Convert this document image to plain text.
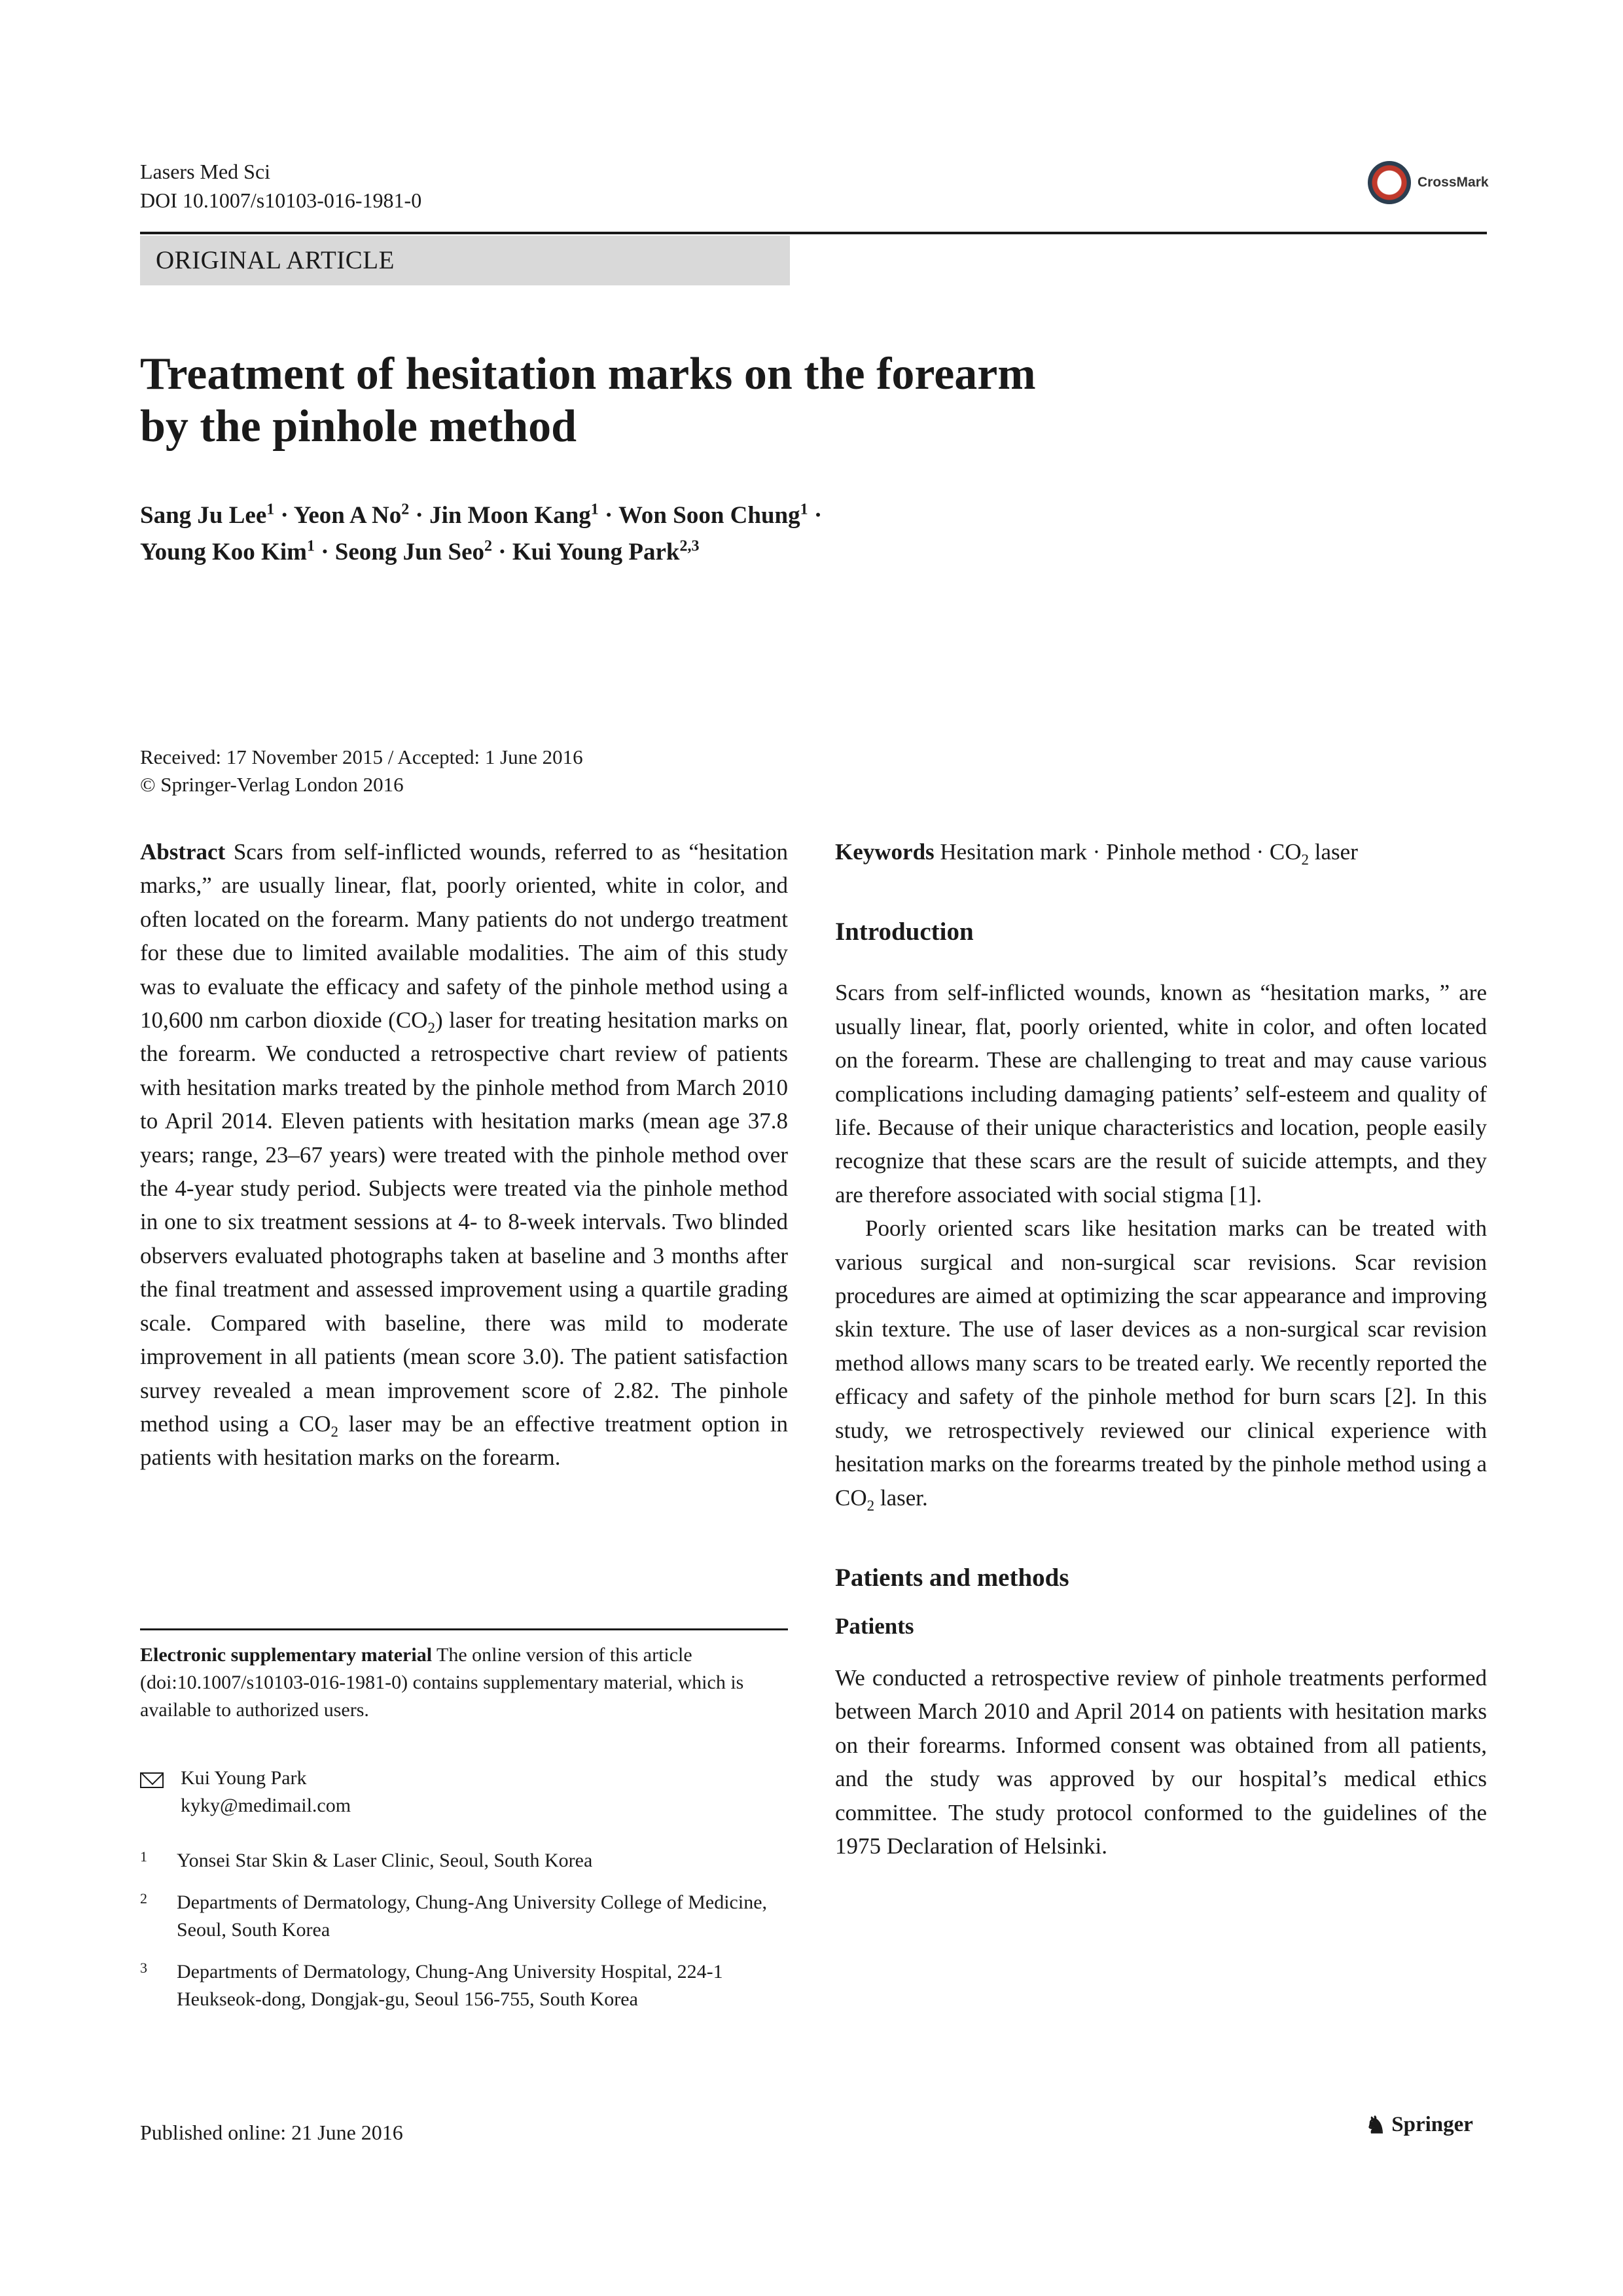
Lasers Med Sci
DOI 10.1007/s10103-016-1981-0
CrossMark
ORIGINAL ARTICLE
Treatment of hesitation marks on the forearm
by the pinhole method
Sang Ju Lee$^1$ · Yeon A $No^2$ · Jin Moon Kang$^1$ · Won Soon Chung$^1$ ·
Young Koo Kim$^1$ · Seong Jun Seo$^2$ · Kui Young Park$^{2,3}$
Received: 17 November 2015 / Accepted: 1 June 2016
© Springer-Verlag London 2016

Abstract Scars from self-inflicted wounds, referred to as “hesitation marks,” are usually linear, flat, poorly oriented, white in color, and often located on the forearm. Many patients do not undergo treatment for these due to limited available modalities. The aim of this study was to evaluate the efficacy and safety of the pinhole method using a 10,600 nm carbon dioxide $(CO_2)$ laser for treating hesitation marks on the forearm. We conducted a retrospective chart review of patients with hesitation marks treated by the pinhole method from March 2010 to April 2014. Eleven patients with hesitation marks (mean age 37.8 years; range, 23–67 years) were treated with the pinhole method over the 4-year study period. Subjects were treated via the pinhole method in one to six treatment sessions at 4- to 8-week intervals. Two blinded observers evaluated photographs taken at baseline and 3 months after the final treatment and assessed improvement using a quartile grading scale. Compared with baseline, there was mild to moderate improvement in all patients (mean score 3.0). The patient satisfaction survey revealed a mean improvement score of 2.82. The pinhole method using a $CO_2$ laser may be an effective treatment option in patients with hesitation marks on the forearm.

Electronic supplementary material The online version of this article (doi:10.1007/s10103-016-1981-0) contains supplementary material, which is available to authorized users.
Kui Young Park
kyky@medimail.com
1 Yonsei Star Skin & Laser Clinic, Seoul, South Korea
2 Departments of Dermatology, Chung-Ang University College of Medicine, Seoul, South Korea
3 Departments of Dermatology, Chung-Ang University Hospital, 224-1 Heukseok-dong, Dongjak-gu, Seoul 156-755, South Korea

Keywords Hesitation mark · Pinhole method · $CO_2$ laser

Introduction

Scars from self-inflicted wounds, known as “hesitation marks, ” are usually linear, flat, poorly oriented, white in color, and often located on the forearm. These are challenging to treat and may cause various complications including damaging patients’ self-esteem and quality of life. Because of their unique characteristics and location, people easily recognize that these scars are the result of suicide attempts, and they are therefore associated with social stigma [1].

Poorly oriented scars like hesitation marks can be treated with various surgical and non-surgical scar revisions. Scar revision procedures are aimed at optimizing the scar appearance and improving skin texture. The use of laser devices as a non-surgical scar revision method allows many scars to be treated early. We recently reported the efficacy and safety of the pinhole method for burn scars [2]. In this study, we retrospectively reviewed our clinical experience with hesitation marks on the forearms treated by the pinhole method using a $CO_2$ laser.

Patients and methods
Patients

We conducted a retrospective review of pinhole treatments performed between March 2010 and April 2014 on patients with hesitation marks on their forearms. Informed consent was obtained from all patients, and the study was approved by our hospital’s medical ethics committee. The study protocol conformed to the guidelines of the 1975 Declaration of Helsinki.

Published online: 21 June 2016	♞ Springer
